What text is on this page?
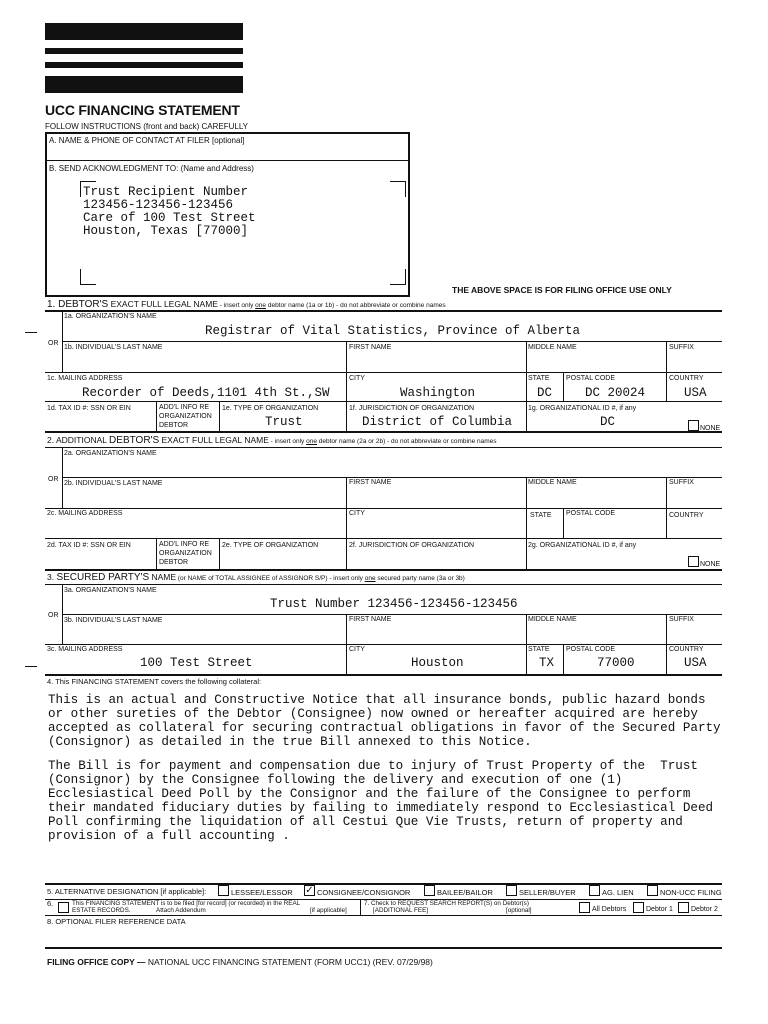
UCC FINANCING STATEMENT
FOLLOW INSTRUCTIONS (front and back) CAREFULLY
A. NAME & PHONE OF CONTACT AT FILER [optional]
B. SEND ACKNOWLEDGMENT TO: (Name and Address)
Trust Recipient Number
123456-123456-123456
Care of 100 Test Street
Houston, Texas [77000]
THE ABOVE SPACE IS FOR FILING OFFICE USE ONLY
1. DEBTOR'S EXACT FULL LEGAL NAME - insert only one debtor name (1a or 1b) - do not abbreviate or combine names
1a. ORGANIZATION'S NAME
Registrar of Vital Statistics, Province of Alberta
OR
1b. INDIVIDUAL'S LAST NAME	FIRST NAME	MIDDLE NAME	SUFFIX
1c. MAILING ADDRESS
Recorder of Deeds,1101 4th St.,SW
CITY
Washington
STATE
DC
POSTAL CODE
DC 20024
COUNTRY
USA
1d. TAX ID #: SSN OR EIN	ADD'L INFO RE
ORGANIZATION
DEBTOR
1e. TYPE OF ORGANIZATION
Trust
1f. JURISDICTION OF ORGANIZATION
District of Columbia
1g. ORGANIZATIONAL ID #, if any
DC	NONE
2. ADDITIONAL DEBTOR'S EXACT FULL LEGAL NAME - insert only one debtor name (2a or 2b) - do not abbreviate or combine names
2a. ORGANIZATION'S NAME
OR
2b. INDIVIDUAL'S LAST NAME	FIRST NAME	MIDDLE NAME	SUFFIX
2c. MAILING ADDRESS	CITY	STATE POSTAL CODE	COUNTRY
2d. TAX ID #: SSN OR EIN	ADD'L INFO RE
ORGANIZATION
DEBTOR
2e. TYPE OF ORGANIZATION	2f. JURISDICTION OF ORGANIZATION	2g. ORGANIZATIONAL ID #, if any
NONE
3. SECURED PARTY'S NAME (or NAME of TOTAL ASSIGNEE of ASSIGNOR S/P) - insert only one secured party name (3a or 3b)
3a. ORGANIZATION'S NAME
Trust Number 123456-123456-123456
OR
3b. INDIVIDUAL'S LAST NAME	FIRST NAME	MIDDLE NAME	SUFFIX
3c. MAILING ADDRESS
100 Test Street
CITY
Houston
STATE
TX
POSTAL CODE
77000
COUNTRY
USA
4. This FINANCING STATEMENT covers the following collateral:
This is an actual and Constructive Notice that all insurance bonds, public hazard bonds
or other sureties of the Debtor (Consignee) now owned or hereafter acquired are hereby
accepted as collateral for securing contractual obligations in favor of the Secured Party
(Consignor) as detailed in the true Bill annexed to this Notice.
The Bill is for payment and compensation due to injury of Trust Property of the  Trust
(Consignor) by the Consignee following the delivery and execution of one (1)
Ecclesiastical Deed Poll by the Consignor and the failure of the Consignee to perform
their mandated fiduciary duties by failing to immediately respond to Ecclesiastical Deed
Poll confirming the liquidation of all Cestui Que Vie Trusts, return of property and
provision of a full accounting .
5. ALTERNATIVE DESIGNATION [if applicable]:	LESSEE/LESSOR ✓ CONSIGNEE/CONSIGNOR	BAILEE/BAILOR	SELLER/BUYER	AG. LIEN	NON-UCC FILING
6.	This FINANCING STATEMENT is to be filed [for record] (or recorded) in the REAL
ESTATE RECORDS.	Attach Addendum	[if applicable]
7. Check to REQUEST SEARCH REPORT(S) on Debtor(s)
[ADDITIONAL FEE]	[optional]	All Debtors	Debtor 1	Debtor 2
8. OPTIONAL FILER REFERENCE DATA
FILING OFFICE COPY — NATIONAL UCC FINANCING STATEMENT (FORM UCC1) (REV. 07/29/98)
